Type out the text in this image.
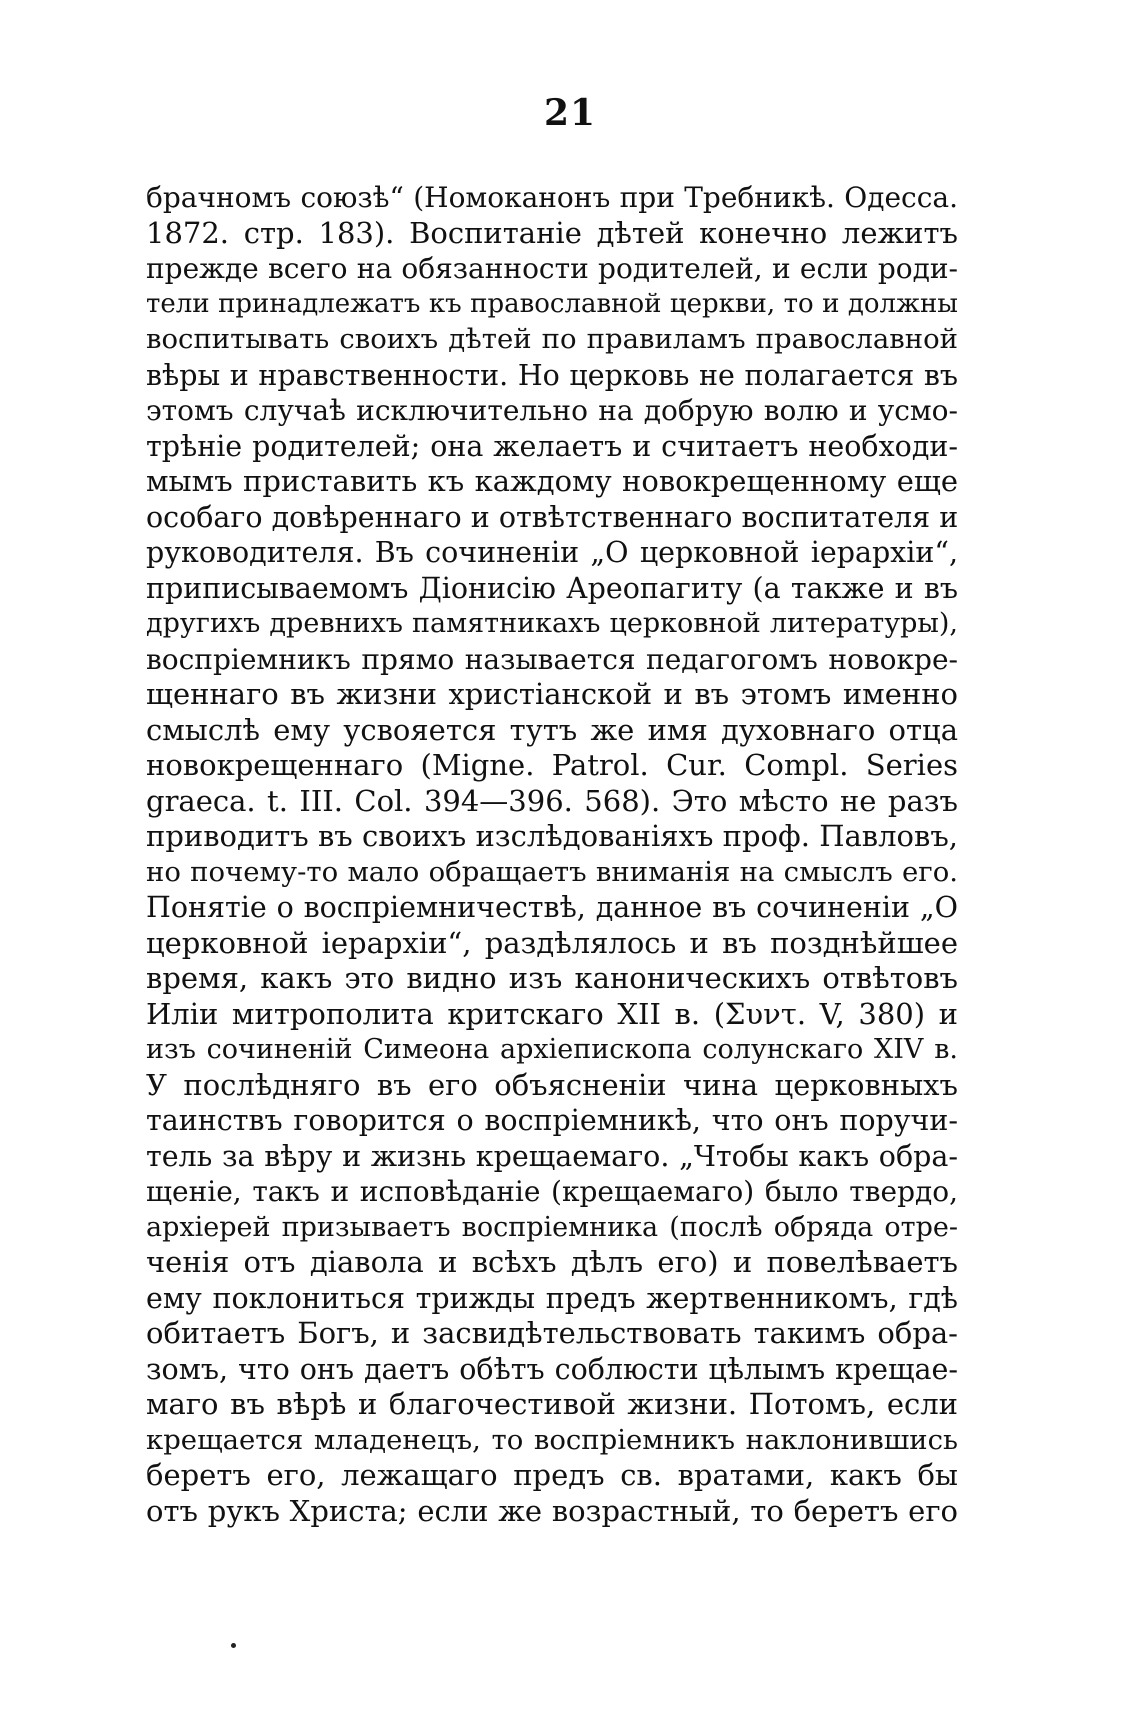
21
брачномъ союзѣ“ (Номоканонъ при Требникѣ. Одесса.
1872. стр. 183). Воспитаніе дѣтей конечно лежитъ
прежде всего на обязанности родителей, и если роди-
тели принадлежатъ къ православной церкви, то и должны
воспитывать своихъ дѣтей по правиламъ православной
вѣры и нравственности. Но церковь не полагается въ
этомъ случаѣ исключительно на добрую волю и усмо-
трѣніе родителей; она желаетъ и считаетъ необходи-
мымъ приставить къ каждому новокрещенному еще
особаго довѣреннаго и отвѣтственнаго воспитателя и
руководителя. Въ сочиненіи „О церковной іерархіи“,
приписываемомъ Діонисію Ареопагиту (а также и въ
другихъ древнихъ памятникахъ церковной литературы),
воспріемникъ прямо называется педагогомъ новокре-
щеннаго въ жизни христіанской и въ этомъ именно
смыслѣ ему усвояется тутъ же имя духовнаго отца
новокрещеннаго (Migne. Patrol. Cur. Compl. Series
graeca. t. III. Col. 394—396. 568). Это мѣсто не разъ
приводитъ въ своихъ изслѣдованіяхъ проф. Павловъ,
но почему-то мало обращаетъ вниманія на смыслъ его.
Понятіе о воспріемничествѣ, данное въ сочиненіи „О
церковной іерархіи“, раздѣлялось и въ позднѣйшее
время, какъ это видно изъ каноническихъ отвѣтовъ
Иліи митрополита критскаго XII в. (Συντ. V, 380) и
изъ сочиненій Симеона архіепископа солунскаго XIV в.
У послѣдняго въ его объясненіи чина церковныхъ
таинствъ говорится о воспріемникѣ, что онъ поручи-
тель за вѣру и жизнь крещаемаго. „Чтобы какъ обра-
щеніе, такъ и исповѣданіе (крещаемаго) было твердо,
архіерей призываетъ воспріемника (послѣ обряда отре-
ченія отъ діавола и всѣхъ дѣлъ его) и повелѣваетъ
ему поклониться трижды предъ жертвенникомъ, гдѣ
обитаетъ Богъ, и засвидѣтельствовать такимъ обра-
зомъ, что онъ даетъ обѣтъ соблюсти цѣлымъ крещае-
маго въ вѣрѣ и благочестивой жизни. Потомъ, если
крещается младенецъ, то воспріемникъ наклонившись
беретъ его, лежащаго предъ св. вратами, какъ бы
отъ рукъ Христа; если же возрастный, то беретъ его
